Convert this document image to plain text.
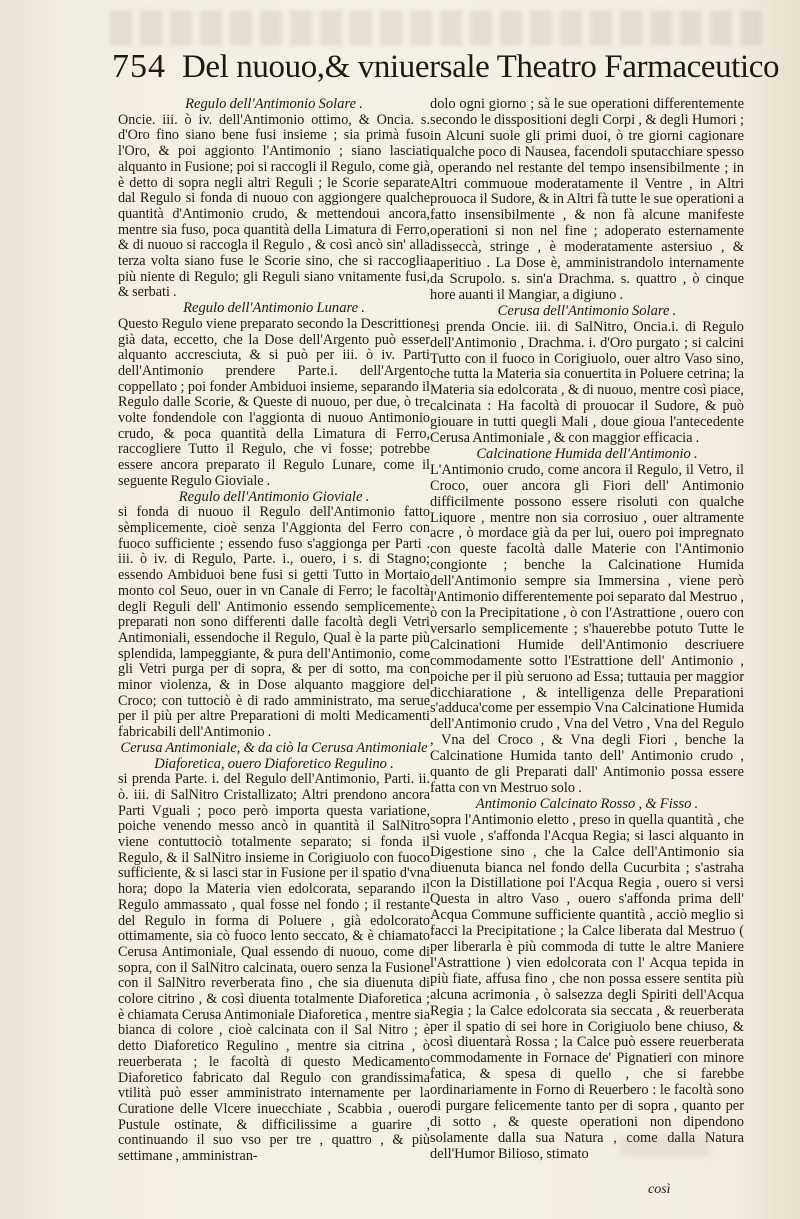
754 Del nuouo,& vniuersale Theatro Farmaceutico

Regulo dell'Antimonio Solare .

Oncie. iii. ò iv. dell'Antimonio ottimo, & Oncia. s. d'Oro fino siano bene fusi insieme ; sia primà fuso l'Oro, & poi aggionto l'Antimonio ; siano lasciati alquanto in Fusione; poi si raccogli il Regulo, come già è detto di sopra negli altri Reguli ; le Scorie separate dal Regulo si fonda di nuouo con aggiongere qualche quantità d'Antimonio crudo, & mettendoui ancora, mentre sia fuso, poca quantità della Limatura di Ferro, & di nuouo si raccogla il Regulo , & così ancò sin' alla terza volta siano fuse le Scorie sino, che si raccoglia più niente di Regulo; gli Reguli siano vnitamente fusi, & serbati .

Regulo dell'Antimonio Lunare .

Questo Regulo viene preparato secondo la Descrittione già data, eccetto, che la Dose dell'Argento può esser alquanto accresciuta, & si può per iii. ò iv. Parti dell'Antimonio prendere Parte.i. dell'Argento coppellato ; poi fonder Ambiduoi insieme, separando il Regulo dalle Scorie, & Queste di nuouo, per due, ò tre volte fondendole con l'aggionta di nuouo Antimonio crudo, & poca quantità della Limatura di Ferro, raccogliere Tutto il Regulo, che vi fosse; potrebbe essere ancora preparato il Regulo Lunare, come il seguente Regulo Gioviale .

Regulo dell'Antimonio Gioviale .

si fonda di nuouo il Regulo dell'Antimonio fatto sèmplicemente, cioè senza l'Aggionta del Ferro con fuoco sufficiente ; essendo fuso s'aggionga per Parti . iii. ò iv. di Regulo, Parte. i., ouero, i s. di Stagno; essendo Ambiduoi bene fusi si getti Tutto in Mortaio monto col Seuo, ouer in vn Canale di Ferro; le facoltà degli Reguli dell' Antimonio essendo semplicemente preparati non sono differenti dalle facoltà degli Vetri Antimoniali, essendoche il Regulo, Qual è la parte più splendida, lampeggiante, & pura dell'Antimonio, come gli Vetri purga per di sopra, & per di sotto, ma con minor violenza, & in Dose alquanto maggiore del Croco; con tuttociò è di rado amministrato, ma serue per il più per altre Preparationi di molti Medicamenti fabricabili dell'Antimonio .

Cerusa Antimoniale, & da ciò la Cerusa Antimoniale Diaforetica, ouero Diaforetico Regulino .

si prenda Parte. i. del Regulo dell'Antimonio, Parti. ii. ò. iii. di SalNitro Cristallizato; Altri prendono ancora Parti Vguali ; poco però importa questa variatione, poiche venendo messo ancò in quantità il SalNitro viene contuttociò totalmente separato; si fonda il Regulo, & il SalNitro insieme in Corigiuolo con fuoco sufficiente, & si lasci star in Fusione per il spatio d'vna hora; dopo la Materia vien edolcorata, separando il Regulo ammassato , qual fosse nel fondo ; il restante del Regulo in forma di Poluere , già edolcorato ottimamente, sia cò fuoco lento seccato, & è chiamato Cerusa Antimoniale, Qual essendo di nuouo, come di sopra, con il SalNitro calcinata, ouero senza la Fusione con il SalNitro reverberata fino , che sia diuenuta di colore citrino , & così diuenta totalmente Diaforetica ; è chiamata Cerusa Antimoniale Diaforetica , mentre sia bianca di colore , cioè calcinata con il Sal Nitro ; è detto Diaforetico Regulino , mentre sia citrina , ò reuerberata ; le facoltà di questo Medicamento Diaforetico fabricato dal Regulo con grandissima vtilità può esser amministrato internamente per la Curatione delle Vlcere inuecchiate , Scabbia , ouero Pustule ostinate, & difficilissime a guarire , continuando il suo vso per tre , quattro , & più settimane , amministran-

dolo ogni giorno ; sà le sue operationi differentemente secondo le disspositioni degli Corpi , & degli Humori ; in Alcuni suole gli primi duoi, ò tre giorni cagionare qualche poco di Nausea, facendoli sputacchiare spesso , operando nel restante del tempo insensibilmente ; in Altri commuoue moderatamente il Ventre , in Altri prouoca il Sudore, & in Altri fà tutte le sue operationi a fatto insensibilmente , & non fà alcune manifeste operationi si non nel fine ; adoperato esternamente disseccà, stringe , è moderatamente astersiuo , & aperitiuo . La Dose è, amministrandolo internamente da Scrupolo. s. sin'a Drachma. s. quattro , ò cinque hore auanti il Mangiar, a digiuno .

Cerusa dell'Antimonio Solare .

si prenda Oncie. iii. di SalNitro, Oncia.i. di Regulo dell'Antimonio , Drachma. i. d'Oro purgato ; si calcini Tutto con il fuoco in Corigiuolo, ouer altro Vaso sino, che tutta la Materia sia conuertita in Poluere cetrina; la Materia sia edolcorata , & di nuouo, mentre così piace, calcinata : Ha facoltà di prouocar il Sudore, & può giouare in tutti quegli Mali , doue gioua l'antecedente Cerusa Antimoniale , & con maggior efficacia .

Calcinatione Humida dell'Antimonio .

L'Antimonio crudo, come ancora il Regulo, il Vetro, il Croco, ouer ancora gli Fiori dell' Antimonio difficilmente possono essere risoluti con qualche Liquore , mentre non sia corrosiuo , ouer altramente acre , ò mordace già da per lui, ouero poi impregnato con queste facoltà dalle Materie con l'Antimonio congionte ; benche la Calcinatione Humida dell'Antimonio sempre sia Immersina , viene però l'Antimonio differentemente poi separato dal Mestruo , ò con la Precipitatione , ò con l'Astrattione , ouero con versarlo semplicemente ; s'hauerebbe potuto Tutte le Calcinationi Humide dell'Antimonio descriuere commodamente sotto l'Estrattione dell' Antimonio , poiche per il più seruono ad Essa; tuttauia per maggior dicchiaratione , & intelligenza delle Preparationi s'adduca'come per essempio Vna Calcinatione Humida dell'Antimonio crudo , Vna del Vetro , Vna del Regulo , Vna del Croco , & Vna degli Fiori , benche la Calcinatione Humida tanto dell' Antimonio crudo , quanto de gli Preparati dall' Antimonio possa essere fatta con vn Mestruo solo .

Antimonio Calcinato Rosso , & Fisso .

sopra l'Antimonio eletto , preso in quella quantità , che si vuole , s'affonda l'Acqua Regia; si lasci alquanto in Digestione sino , che la Calce dell'Antimonio sia diuenuta bianca nel fondo della Cucurbita ; s'astraha con la Distillatione poi l'Acqua Regia , ouero si versi Questa in altro Vaso , ouero s'affonda prima dell' Acqua Commune sufficiente quantità , acciò meglio si facci la Precipitatione ; la Calce liberata dal Mestruo ( per liberarla è più commoda di tutte le altre Maniere l'Astrattione ) vien edolcorata con l' Acqua tepida in più fiate, affusa fino , che non possa essere sentita più alcuna acrimonia , ò salsezza degli Spiriti dell'Acqua Regia ; la Calce edolcorata sia seccata , & reuerberata per il spatio di sei hore in Corigiuolo bene chiuso, & così diuentarà Rossa ; la Calce può essere reuerberata commodamente in Fornace de' Pignatieri con minore fatica, & spesa di quello , che si farebbe ordinariamente in Forno di Reuerbero : le facoltà sono di purgare felicemente tanto per di sopra , quanto per di sotto , & queste operationi non dipendono solamente dalla sua Natura , come dalla Natura dell'Humor Bilioso, stimato

così
